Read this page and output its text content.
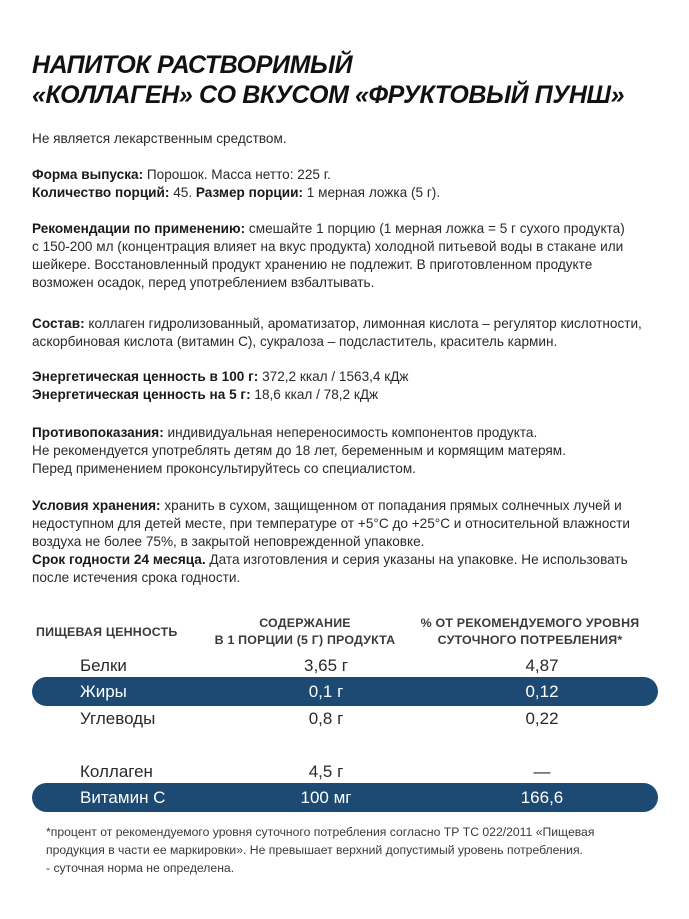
НАПИТОК РАСТВОРИМЫЙ
«КОЛЛАГЕН» СО ВКУСОМ «ФРУКТОВЫЙ ПУНШ»
Не является лекарственным средством.
Форма выпуска: Порошок. Масса нетто: 225 г.
Количество порций: 45. Размер порции: 1 мерная ложка (5 г).
Рекомендации по применению: смешайте 1 порцию (1 мерная ложка = 5 г сухого продукта)
с 150-200 мл (концентрация влияет на вкус продукта) холодной питьевой воды в стакане или
шейкере. Восстановленный продукт хранению не подлежит. В приготовленном продукте
возможен осадок, перед употреблением взбалтывать.
Состав: коллаген гидролизованный, ароматизатор, лимонная кислота – регулятор кислотности,
аскорбиновая кислота (витамин С), сукралоза – подсластитель, краситель кармин.
Энергетическая ценность в 100 г: 372,2 ккал / 1563,4 кДж
Энергетическая ценность на 5 г: 18,6 ккал / 78,2 кДж
Противопоказания: индивидуальная непереносимость компонентов продукта.
Не рекомендуется употреблять детям до 18 лет, беременным и кормящим матерям.
Перед применением проконсультируйтесь со специалистом.
Условия хранения: хранить в сухом, защищенном от попадания прямых солнечных лучей и
недоступном для детей месте, при температуре от +5°С до +25°С и относительной влажности
воздуха не более 75%, в закрытой неповрежденной упаковке.
Срок годности 24 месяца. Дата изготовления и серия указаны на упаковке. Не использовать
после истечения срока годности.
ПИЩЕВАЯ ЦЕННОСТЬ
СОДЕРЖАНИЕ
В 1 ПОРЦИИ (5 Г) ПРОДУКТА
% ОТ РЕКОМЕНДУЕМОГО УРОВНЯ
СУТОЧНОГО ПОТРЕБЛЕНИЯ*
Белки	3,65 г	4,87
Жиры	0,1 г	0,12
Углеводы	0,8 г	0,22
Коллаген	4,5 г	—
Витамин С	100 мг	166,6
*процент от рекомендуемого уровня суточного потребления согласно ТР ТС 022/2011 «Пищевая
продукция в части ее маркировки». Не превышает верхний допустимый уровень потребления.
- суточная норма не определена.
